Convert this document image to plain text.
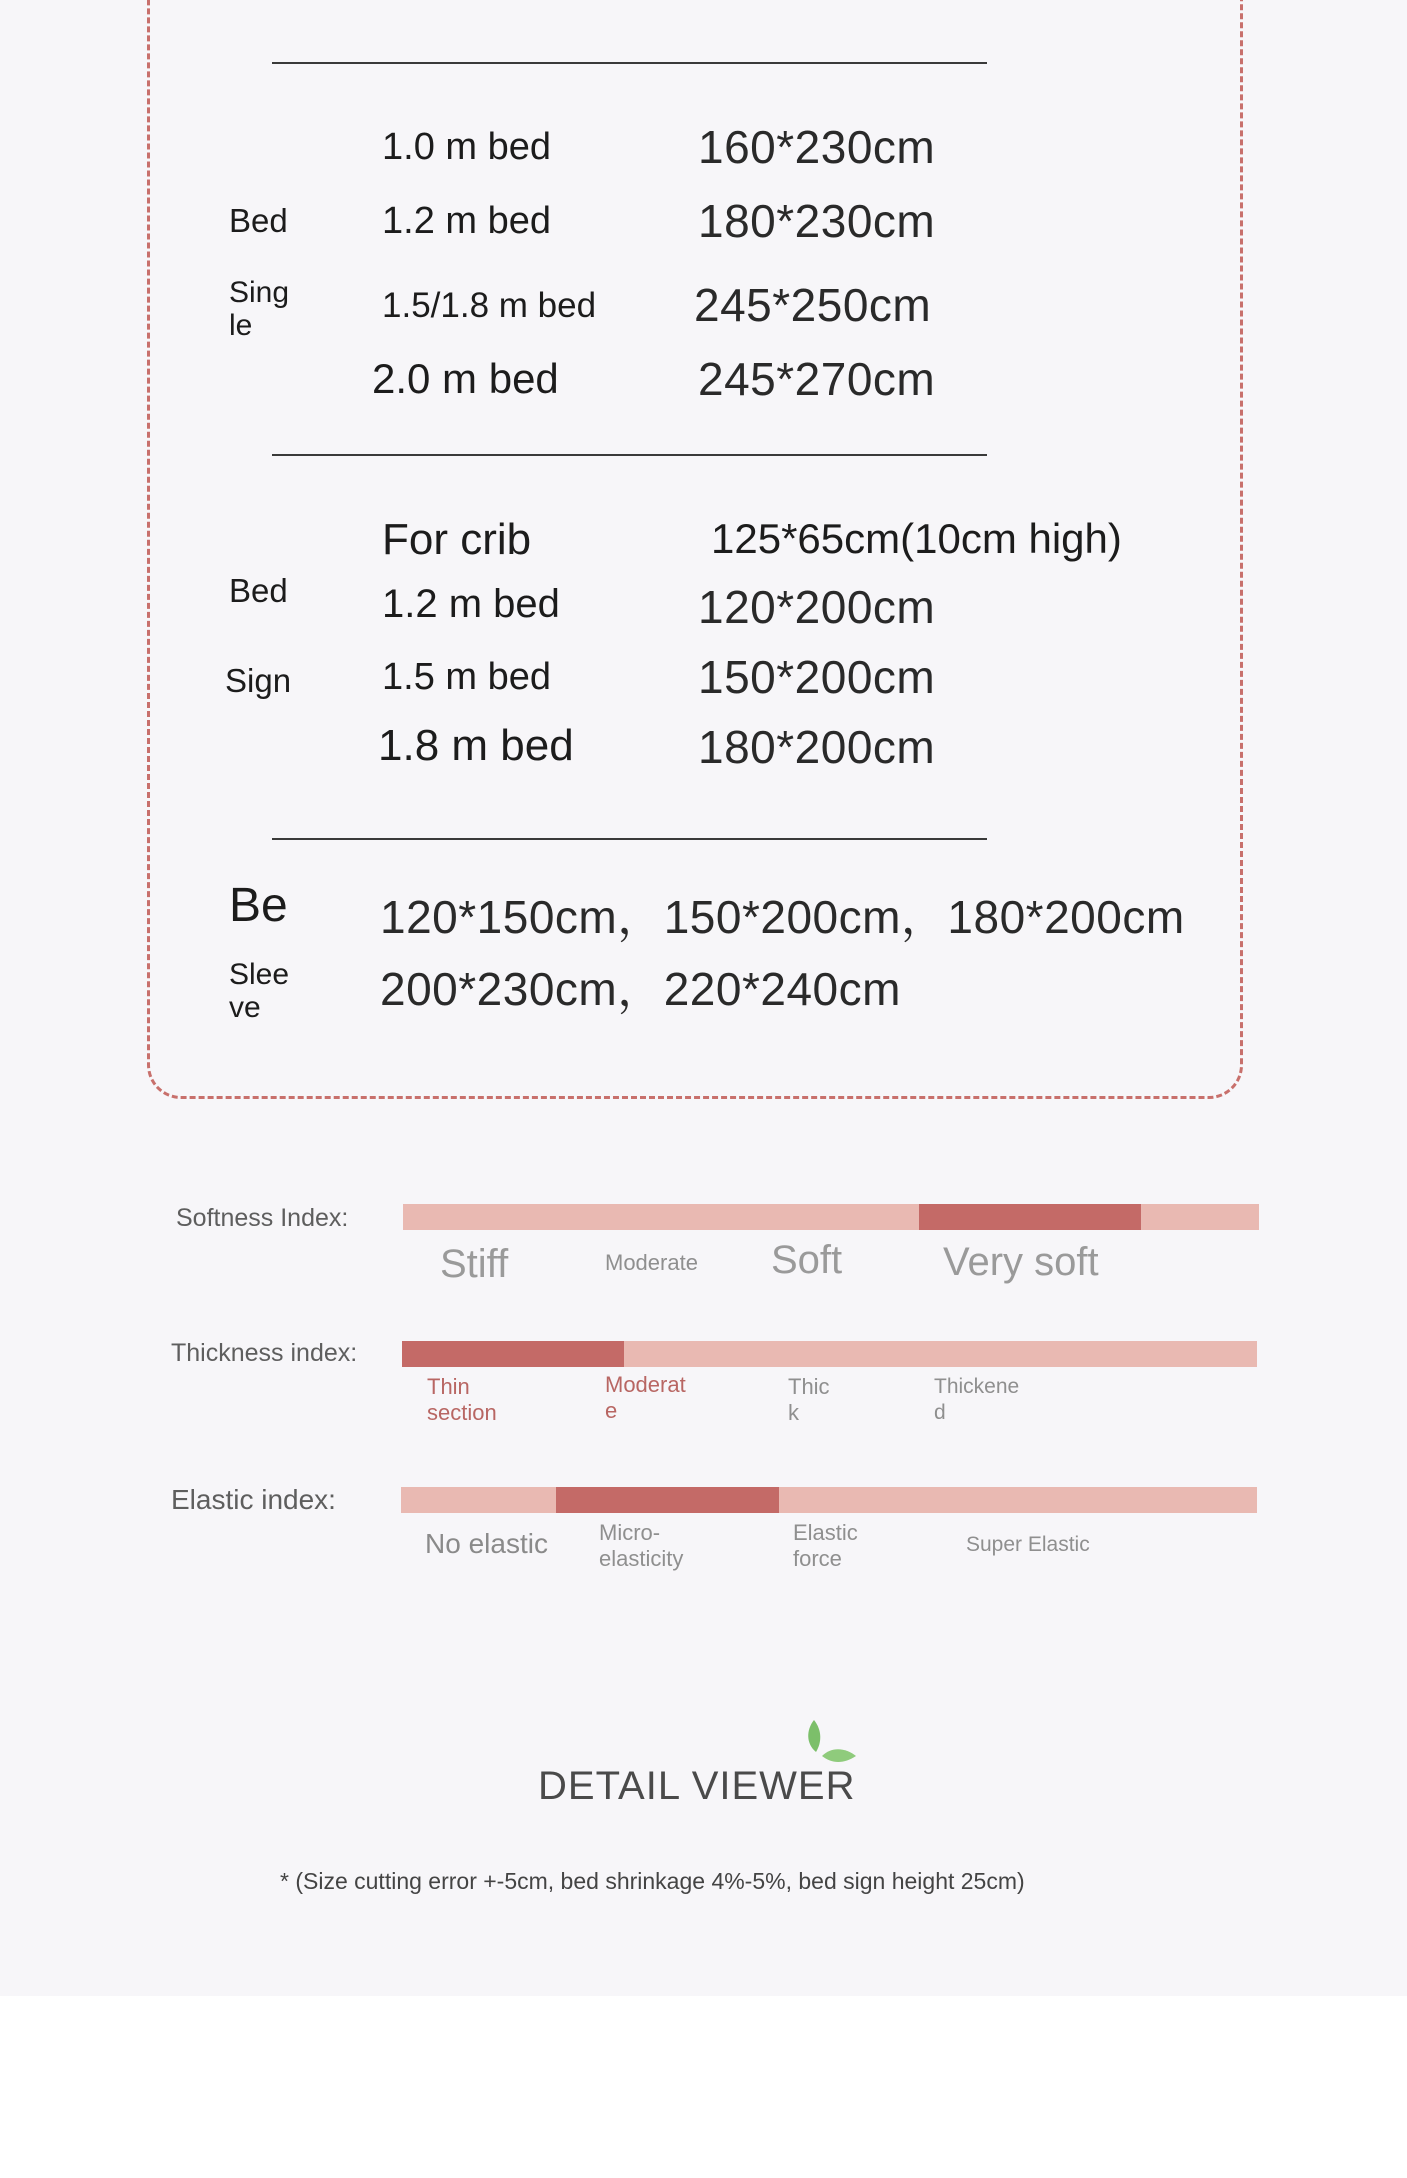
Bed
Sing le
1.0 m bed	160*230cm
1.2 m bed	180*230cm
1.5/1.8 m bed 245*250cm
2.0 m bed	245*270cm
For crib	125*65cm(10cm high)
Bed
Sign
1.2 m bed	120*200cm
1.5 m bed	150*200cm
1.8 m bed	180*200cm
Be
Slee ve
120*150cm，150*200cm，180*200cm
200*230cm，220*240cm
Softness Index:
Stiff	Moderate Soft	Very soft
Thickness index:
Thin section
Moderat e
Thic k
Thickene d
Elastic index:
No elastic Micro-elasticity
Elastic force
Super Elastic
DETAIL VIEWER
* (Size cutting error +-5cm, bed shrinkage 4%-5%, bed sign height 25cm)
